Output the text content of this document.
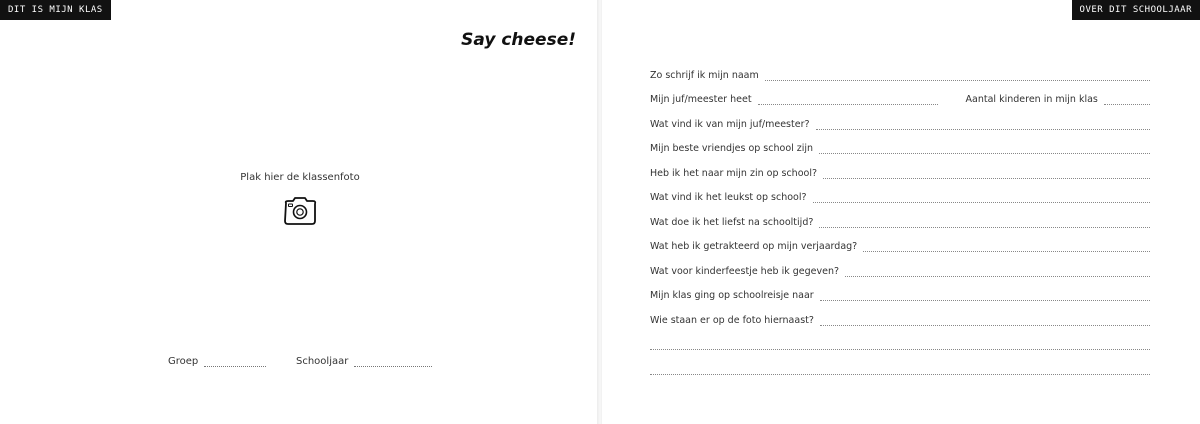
DIT IS MIJN KLAS
Say cheese!
Plak hier de klassenfoto
Groep	Schooljaar
OVER DIT SCHOOLJAAR
Zo schrijf ik mijn naam
Mijn juf/meester heet	Aantal kinderen in mijn klas
Wat vind ik van mijn juf/meester?
Mijn beste vriendjes op school zijn
Heb ik het naar mijn zin op school?
Wat vind ik het leukst op school?
Wat doe ik het liefst na schooltijd?
Wat heb ik getrakteerd op mijn verjaardag?
Wat voor kinderfeestje heb ik gegeven?
Mijn klas ging op schoolreisje naar
Wie staan er op de foto hiernaast?
